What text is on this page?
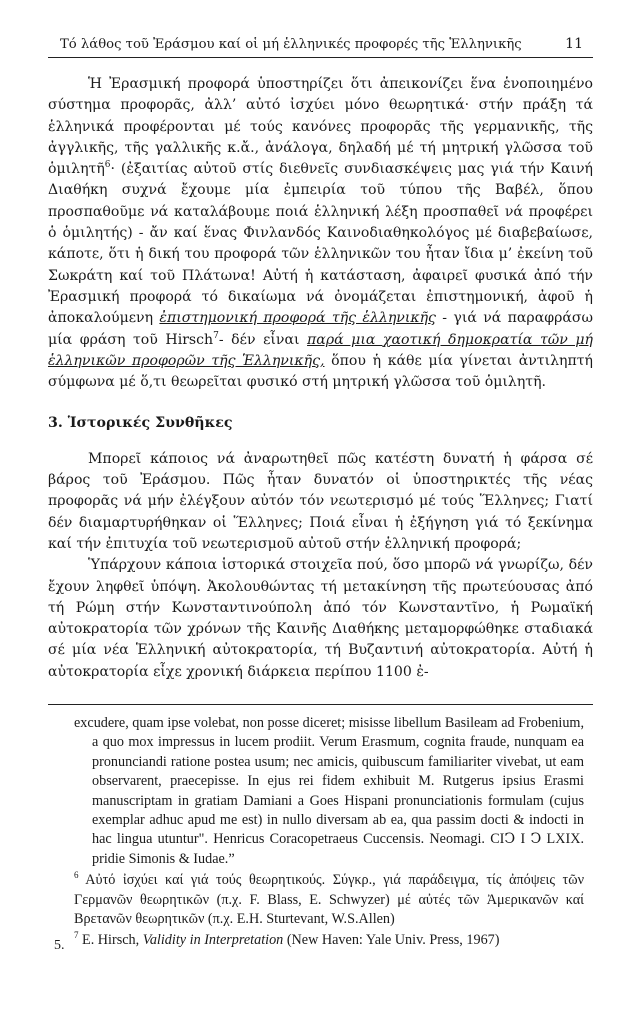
Τό λάθος τοῦ Ἐράσμου καί οἱ μή ἑλληνικές προφορές τῆς Ἑλληνικῆς	11

Ἡ Ἐρασμική προφορά ὑποστηρίζει ὅτι ἀπεικονίζει ἕνα ἑνοποιημένο σύστημα προφορᾶς, ἀλλ’ αὐτό ἰσχύει μόνο θεωρητικά· στήν πράξη τά ἑλληνικά προφέρονται μέ τούς κανόνες προφορᾶς τῆς γερμανικῆς, τῆς ἀγγλικῆς, τῆς γαλλικῆς κ.ἄ., ἀνάλογα, δηλαδή μέ τή μητρική γλῶσσα τοῦ ὁμιλητῆ$^6$· (ἐξαιτίας αὐτοῦ στίς διεθνεῖς συνδιασκέψεις μας γιά τήν Καινή Διαθήκη συχνά ἔχουμε μία ἐμπειρία τοῦ τύπου τῆς Βαβέλ, ὅπου προσπαθοῦμε νά καταλάβουμε ποιά ἑλληνική λέξη προσπαθεῖ νά προφέρει ὁ ὁμιλητής) - ἄν καί ἕνας Φινλανδός Καινοδιαθηκολόγος μέ διαβεβαίωσε, κάποτε, ὅτι ἡ δική του προφορά τῶν ἑλληνικῶν του ἦταν ἴδια μ’ ἐκείνη τοῦ Σωκράτη καί τοῦ Πλάτωνα! Αὐτή ἡ κατάσταση, ἀφαιρεῖ φυσικά ἀπό τήν Ἐρασμική προφορά τό δικαίωμα νά ὀνομάζεται ἐπιστημονική, ἀφοῦ ἡ ἀποκαλούμενη ἐπιστημονική προφορά τῆς ἑλληνικῆς - γιά νά παραφράσω μία φράση τοῦ Hirsch$^7$- δέν εἶναι παρά μια χαοτική δημοκρατία τῶν μή ἑλληνικῶν προφορῶν τῆς Ἑλληνικῆς, ὅπου ἡ κάθε μία γίνεται ἀντιληπτή σύμφωνα μέ ὅ,τι θεωρεῖται φυσικό στή μητρική γλῶσσα τοῦ ὁμιλητῆ.

3. Ἱστορικές Συνθῆκες

Μπορεῖ κάποιος νά ἀναρωτηθεῖ πῶς κατέστη δυνατή ἡ φάρσα σέ βάρος τοῦ Ἐράσμου. Πῶς ἦταν δυνατόν οἱ ὑποστηρικτές τῆς νέας προφορᾶς νά μήν ἐλέγξουν αὐτόν τόν νεωτερισμό μέ τούς Ἕλληνες; Γιατί δέν διαμαρτυρήθηκαν οἱ Ἕλληνες; Ποιά εἶναι ἡ ἐξήγηση γιά τό ξεκίνημα καί τήν ἐπιτυχία τοῦ νεωτερισμοῦ αὐτοῦ στήν ἑλληνική προφορά;

Ὑπάρχουν κάποια ἱστορικά στοιχεῖα πού, ὅσο μπορῶ νά γνωρίζω, δέν ἔχουν ληφθεῖ ὑπόψη. Ἀκολουθώντας τή μετακίνηση τῆς πρωτεύουσας ἀπό τή Ρώμη στήν Κωνσταντινούπολη ἀπό τόν Κωνσταντῖνο, ἡ Ρωμαϊκή αὐτοκρατορία τῶν χρόνων τῆς Καινῆς Διαθήκης μεταμορφώθηκε σταδιακά σέ μία νέα Ἑλληνική αὐτοκρατορία, τή Βυζαντινή αὐτοκρατορία. Αὐτή ἡ αὐτοκρατορία εἶχε χρονική διάρκεια περίπου 1100 ἐ-

excudere, quam ipse volebat, non posse diceret; misisse libellum Basileam ad Frobenium, a quo mox impressus in lucem prodiit. Verum Erasmum, cognita fraude, nunquam ea pronunciandi ratione postea usum; nec amicis, quibuscum familiariter vivebat, ut eam observarent, praecepisse. In ejus rei fidem exhibuit M. Rutgerus ipsius Erasmi manuscriptam in gratiam Damiani a Goes Hispani pronunciationis formulam (cujus exemplar adhuc apud me est) in nullo diversam ab ea, qua passim docti & indocti in hac lingua utuntur". Henricus Coracopetraeus Cuccensis. Neomagi. CIↃ I Ↄ LXIX. pridie Simonis & Iudae.”

$^6$ Αὐτό ἰσχύει καί γιά τούς θεωρητικούς. Σύγκρ., γιά παράδειγμα, τίς ἀπόψεις τῶν Γερμανῶν θεωρητικῶν (π.χ. F. Blass, E. Schwyzer) μέ αὐτές τῶν Ἀμερικανῶν καί Βρετανῶν θεωρητικῶν (π.χ. E.H. Sturtevant, W.S.Allen)

$^7$ E. Hirsch, Validity in Interpretation (New Haven: Yale Univ. Press, 1967)

5.
